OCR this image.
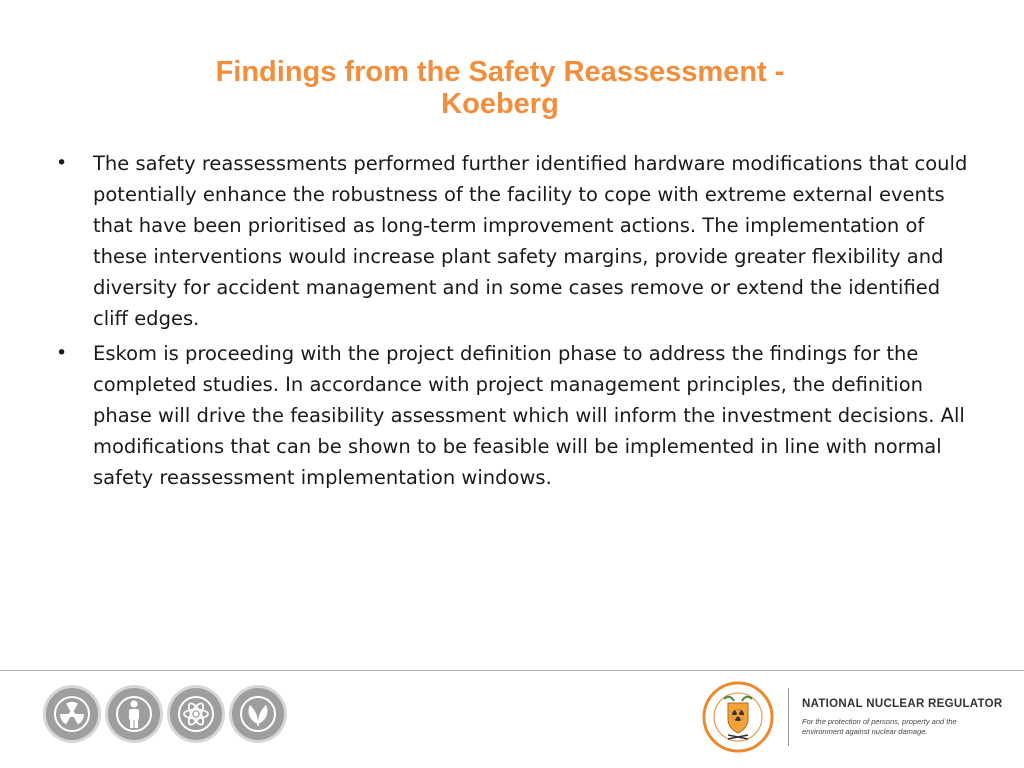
Findings from the Safety Reassessment -
Koeberg
• The safety reassessments performed further identified hardware modifications that could potentially enhance the robustness of the facility to cope with extreme external events that have been prioritised as long-term improvement actions. The implementation of these interventions would increase plant safety margins, provide greater flexibility and diversity for accident management and in some cases remove or extend the identified cliff edges.
• Eskom is proceeding with the project definition phase to address the findings for the completed studies. In accordance with project management principles, the definition phase will drive the feasibility assessment which will inform the investment decisions. All modifications that can be shown to be feasible will be implemented in line with normal safety reassessment implementation windows.
NATIONAL NUCLEAR REGULATOR
For the protection of persons, property and the environment against nuclear damage.
